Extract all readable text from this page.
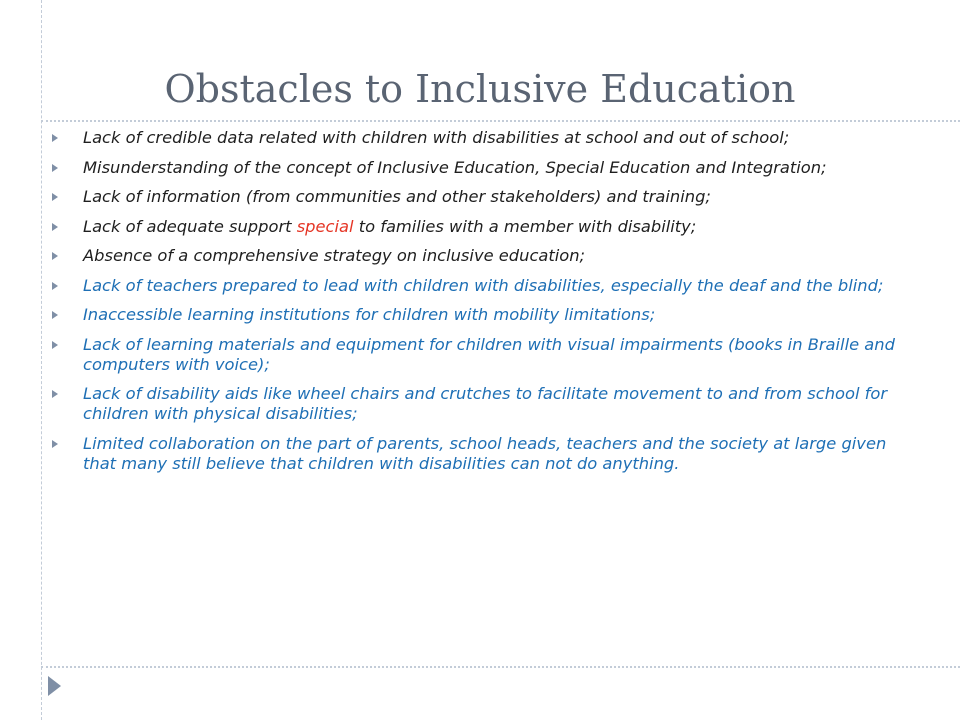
Obstacles to Inclusive Education
Lack of credible data related with children with disabilities at school and out of school;
Misunderstanding of the concept of Inclusive Education, Special Education and Integration;
Lack of information (from communities and other stakeholders) and training;
Lack of adequate support special to families with a member with disability;
Absence of a comprehensive strategy on inclusive education;
Lack of teachers prepared to lead with children with disabilities, especially the deaf and the blind;
Inaccessible learning institutions for children with mobility limitations;
Lack of learning materials and equipment for children with visual impairments (books in Braille and computers with voice);
Lack of disability aids like wheel chairs and crutches to facilitate movement to and from school for children with physical disabilities;
Limited collaboration on the part of parents, school heads, teachers and the society at large given that many still believe that children with disabilities can not do anything.
